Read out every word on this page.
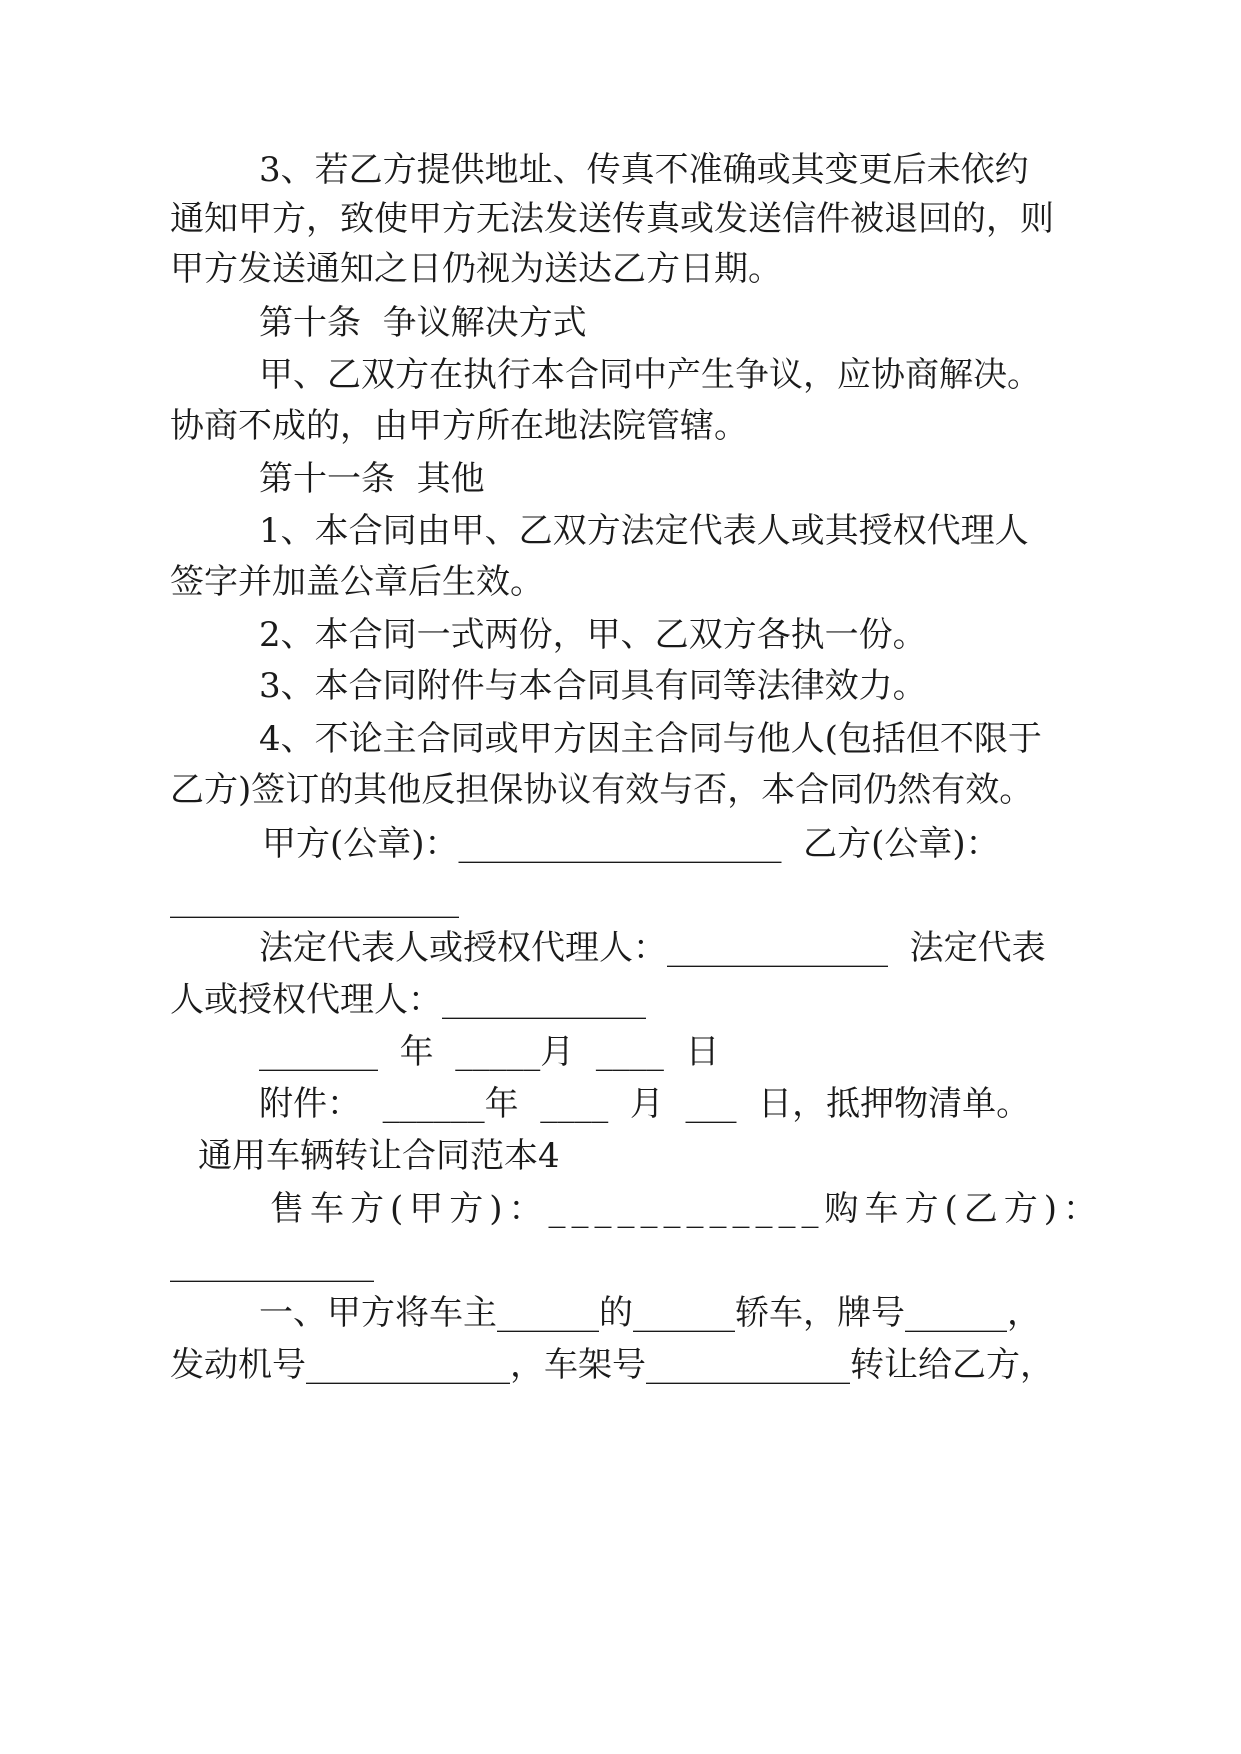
3、若乙方提供地址、传真不准确或其变更后未依约

通知甲方，致使甲方无法发送传真或发送信件被退回的，则

甲方发送通知之日仍视为送达乙方日期。

第十条  争议解决方式

甲、乙双方在执行本合同中产生争议，应协商解决。

协商不成的，由甲方所在地法院管辖。

第十一条  其他

1、本合同由甲、乙双方法定代表人或其授权代理人

签字并加盖公章后生效。

2、本合同一式两份，甲、乙双方各执一份。

3、本合同附件与本合同具有同等法律效力。

4、不论主合同或甲方因主合同与他人(包括但不限于

乙方)签订的其他反担保协议有效与否，本合同仍然有效。

甲方(公章)：___________________  乙方(公章)：

_________________

法定代表人或授权代理人：_____________  法定代表

人或授权代理人：____________

_______  年  _____月  ____  日

附件：  ______年  ____  月  ___  日，抵押物清单。

通用车辆转让合同范本4

售车方(甲方)：____________购车方(乙方)：

____________

一、甲方将车主______的______轿车，牌号______，

发动机号____________，车架号____________转让给乙方，
